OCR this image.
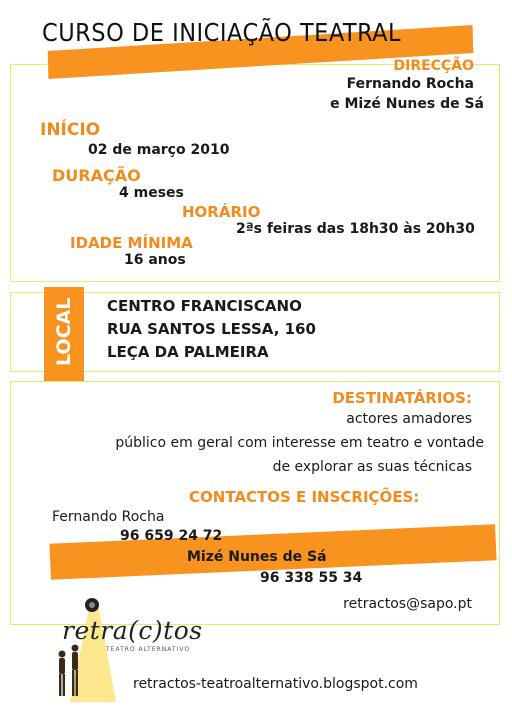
CURSO DE INICIAÇÃO TEATRAL
DIRECÇÃO
Fernando Rocha
e Mizé Nunes de Sá
INÍCIO
02 de março 2010
DURAÇÃO
4 meses
HORÁRIO
2ªs feiras das 18h30 às 20h30
IDADE MÍNIMA
16 anos
LOCAL CENTRO FRANCISCANO
RUA SANTOS LESSA, 160
LEÇA DA PALMEIRA
DESTINATÁRIOS:
actores amadores
público em geral com interesse em teatro e vontade
de explorar as suas técnicas
CONTACTOS E INSCRIÇÕES:
Fernando Rocha
96 659 24 72
Mizé Nunes de Sá
96 338 55 34
retractos@sapo.pt
retra(c)tos
TEATRO ALTERNATIVO
retractos-teatroalternativo.blogspot.com
